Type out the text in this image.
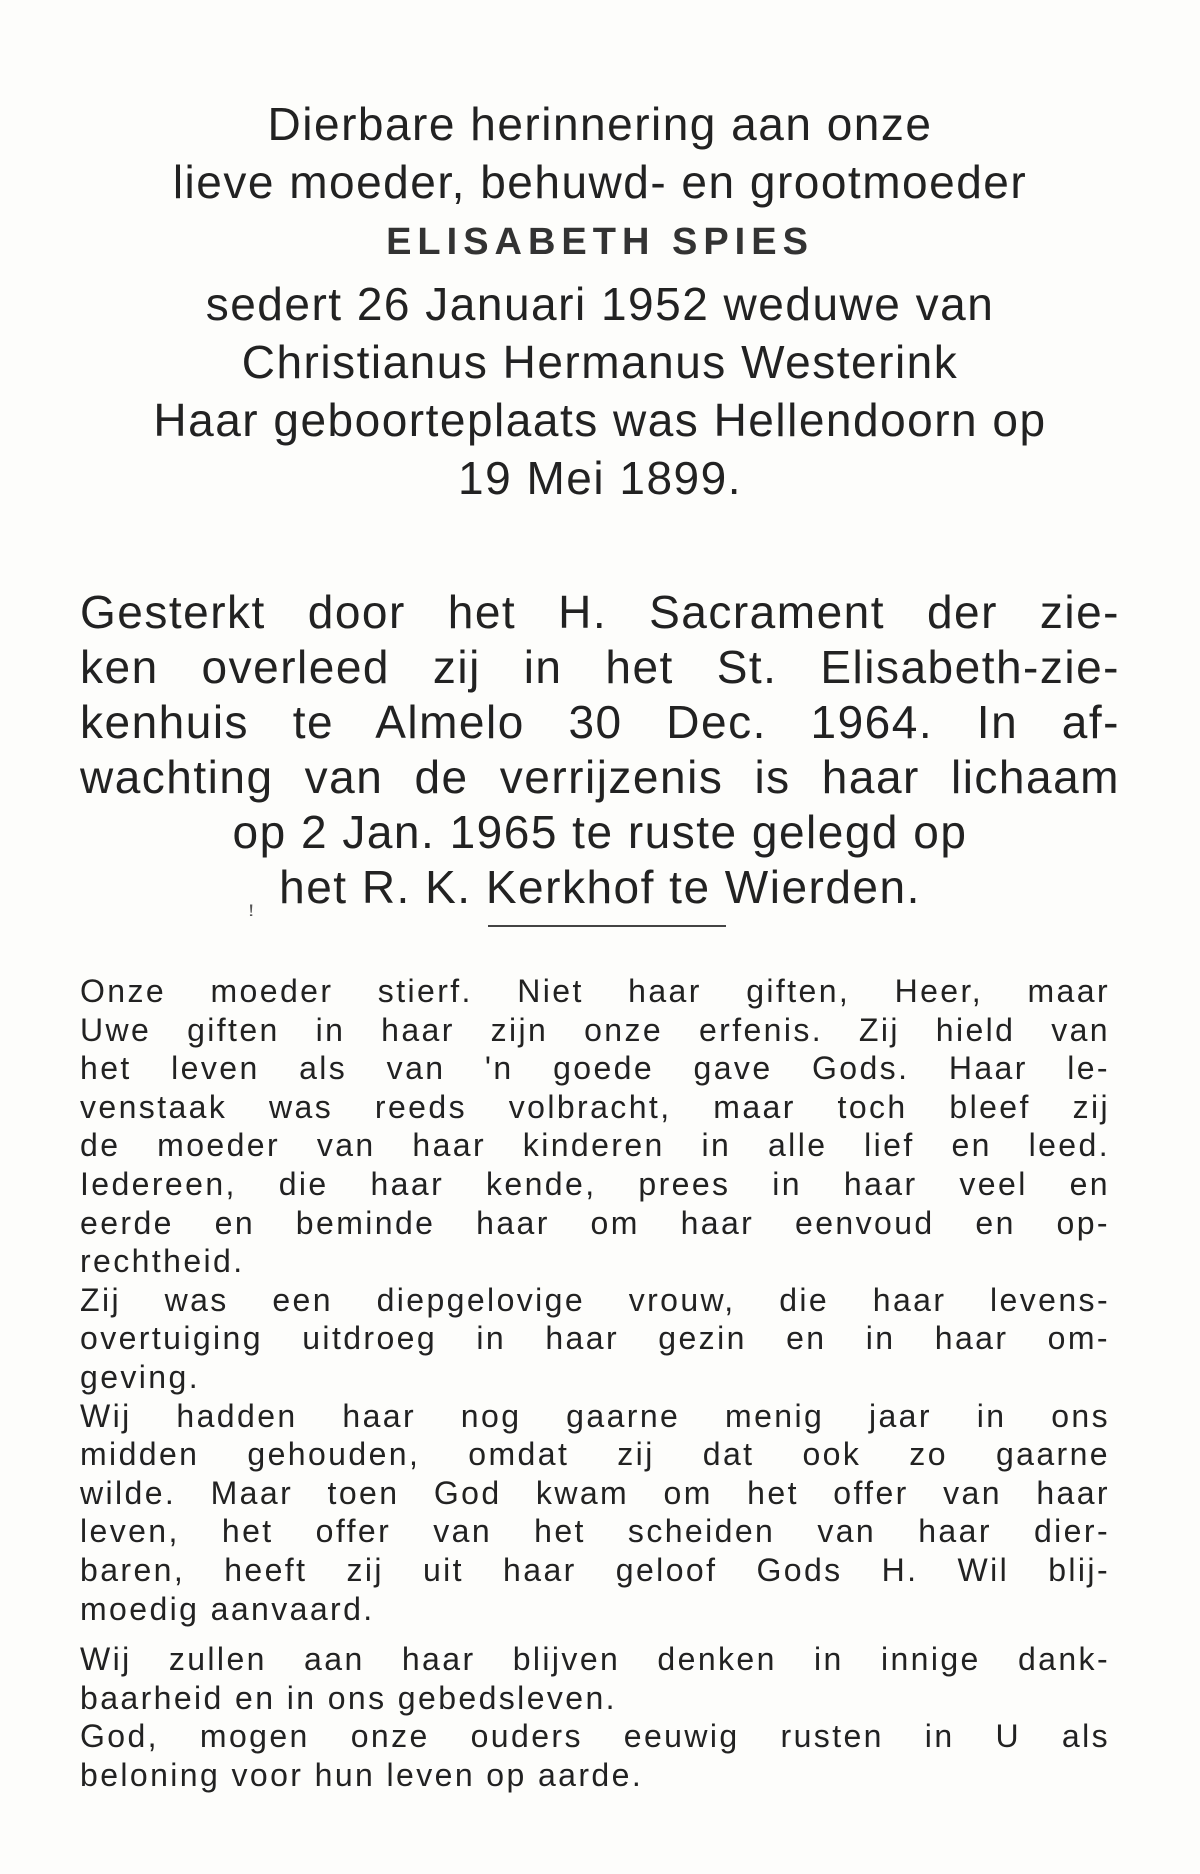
Dierbare herinnering aan onze
lieve moeder, behuwd- en grootmoeder
ELISABETH SPIES
sedert 26 Januari 1952 weduwe van
Christianus Hermanus Westerink
Haar geboorteplaats was Hellendoorn op
19 Mei 1899.
Gesterkt door het H. Sacrament der zie-
ken overleed zij in het St. Elisabeth-zie-
kenhuis te Almelo 30 Dec. 1964. In af-
wachting van de verrijzenis is haar lichaam
op 2 Jan. 1965 te ruste gelegd op
het R. K. Kerkhof te Wierden.
ꜝ
Onze moeder stierf. Niet haar giften, Heer, maar
Uwe giften in haar zijn onze erfenis. Zij hield van
het leven als van 'n goede gave Gods. Haar le-
venstaak was reeds volbracht, maar toch bleef zij
de moeder van haar kinderen in alle lief en leed.
Iedereen, die haar kende, prees in haar veel en
eerde en beminde haar om haar eenvoud en op-
rechtheid.
Zij was een diepgelovige vrouw, die haar levens-
overtuiging uitdroeg in haar gezin en in haar om-
geving.
Wij hadden haar nog gaarne menig jaar in ons
midden gehouden, omdat zij dat ook zo gaarne
wilde. Maar toen God kwam om het offer van haar
leven, het offer van het scheiden van haar dier-
baren, heeft zij uit haar geloof Gods H. Wil blij-
moedig aanvaard.
Wij zullen aan haar blijven denken in innige dank-
baarheid en in ons gebedsleven.
God, mogen onze ouders eeuwig rusten in U als
beloning voor hun leven op aarde.
